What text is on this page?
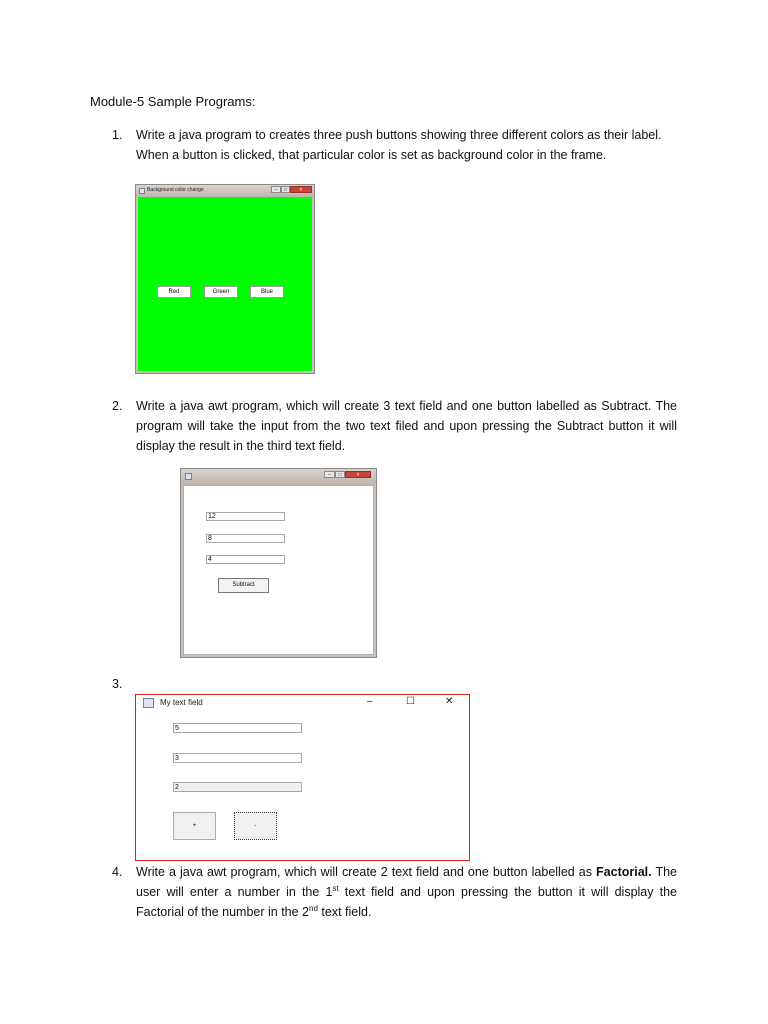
Module-5 Sample Programs:
1. Write a java program to creates three push buttons showing three different colors as their label. When a button is clicked, that particular color is set as background color in the frame.
Background color change	–	□	×
Red	Green	Blue
2. Write a java awt program, which will create 3 text field and one button labelled as Subtract. The program will take the input from the two text filed and upon pressing the Subtract button it will display the result in the third text field.
–	□	×
12
8
4
Subtract
3.
My text field	–	☐	✕
5
3
2
+	-
4. Write a java awt program, which will create 2 text field and one button labelled as Factorial. The user will enter a number in the 1st text field and upon pressing the button it will display the Factorial of the number in the 2nd text field.
